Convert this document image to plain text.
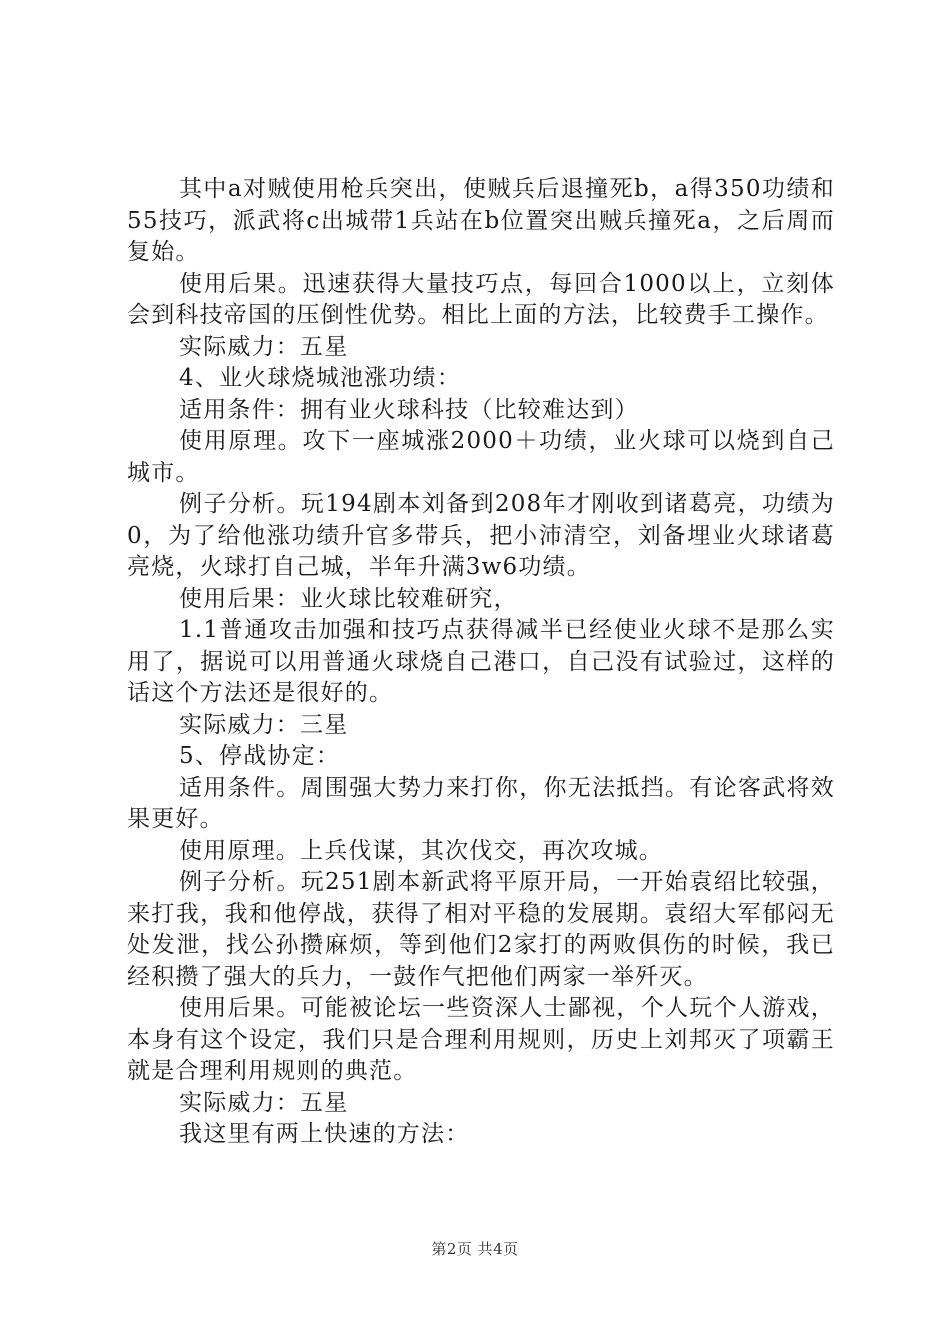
其中a对贼使用枪兵突出，使贼兵后退撞死b，a得350功绩和55技巧，派武将c出城带1兵站在b位置突出贼兵撞死a，之后周而复始。

使用后果。迅速获得大量技巧点，每回合1000以上，立刻体会到科技帝国的压倒性优势。相比上面的方法，比较费手工操作。

实际威力：五星

4、业火球烧城池涨功绩：

适用条件：拥有业火球科技（比较难达到）

使用原理。攻下一座城涨2000＋功绩，业火球可以烧到自己城市。

例子分析。玩194剧本刘备到208年才刚收到诸葛亮，功绩为0，为了给他涨功绩升官多带兵，把小沛清空，刘备埋业火球诸葛亮烧，火球打自己城，半年升满3w6功绩。

使用后果：业火球比较难研究，

1.1普通攻击加强和技巧点获得减半已经使业火球不是那么实用了，据说可以用普通火球烧自己港口，自己没有试验过，这样的话这个方法还是很好的。

实际威力：三星

5、停战协定：

适用条件。周围强大势力来打你，你无法抵挡。有论客武将效果更好。

使用原理。上兵伐谋，其次伐交，再次攻城。

例子分析。玩251剧本新武将平原开局，一开始袁绍比较强，来打我，我和他停战，获得了相对平稳的发展期。袁绍大军郁闷无处发泄，找公孙攒麻烦，等到他们2家打的两败俱伤的时候，我已经积攒了强大的兵力，一鼓作气把他们两家一举歼灭。

使用后果。可能被论坛一些资深人士鄙视，个人玩个人游戏，本身有这个设定，我们只是合理利用规则，历史上刘邦灭了项霸王就是合理利用规则的典范。

实际威力：五星

我这里有两上快速的方法：

第2页 共4页
